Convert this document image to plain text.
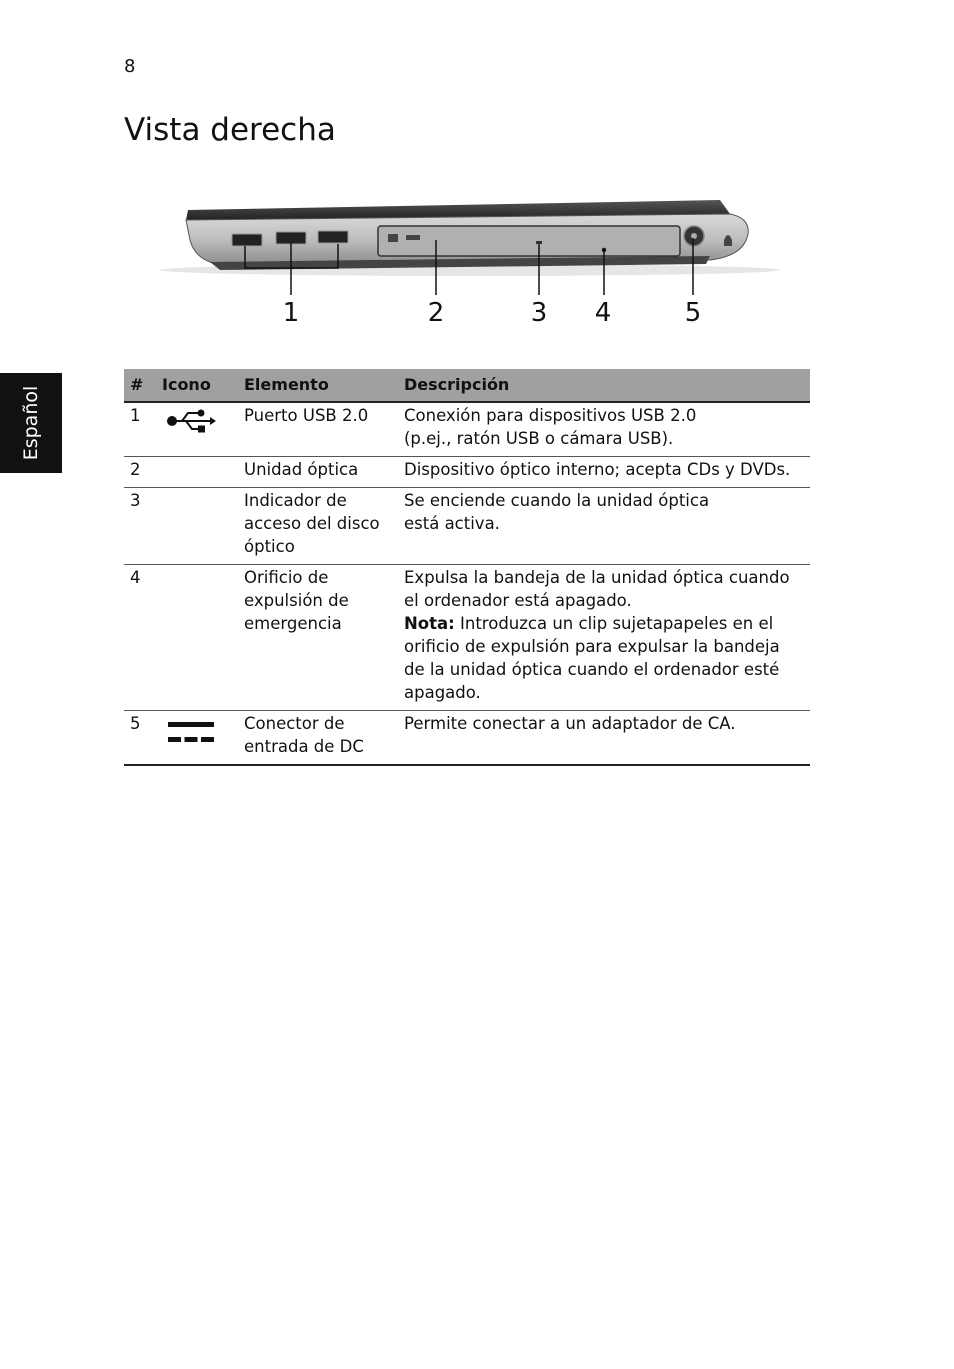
8
Vista derecha
Español
1	2	3 4	5
#	Icono	Elemento	Descripción
1		Puerto USB 2.0	Conexión para dispositivos USB 2.0
(p.ej., ratón USB o cámara USB).

2		Unidad óptica	Dispositivo óptico interno; acepta CDs y DVDs.

3		Indicador de acceso del disco óptico	Se enciende cuando la unidad óptica
está activa.

4		Orificio de expulsión de emergencia	Expulsa la bandeja de la unidad óptica cuando el ordenador está apagado.
Nota: Introduzca un clip sujetapapeles en el orificio de expulsión para expulsar la bandeja de la unidad óptica cuando el ordenador esté apagado.

5		Conector de entrada de DC	Permite conectar a un adaptador de CA.
